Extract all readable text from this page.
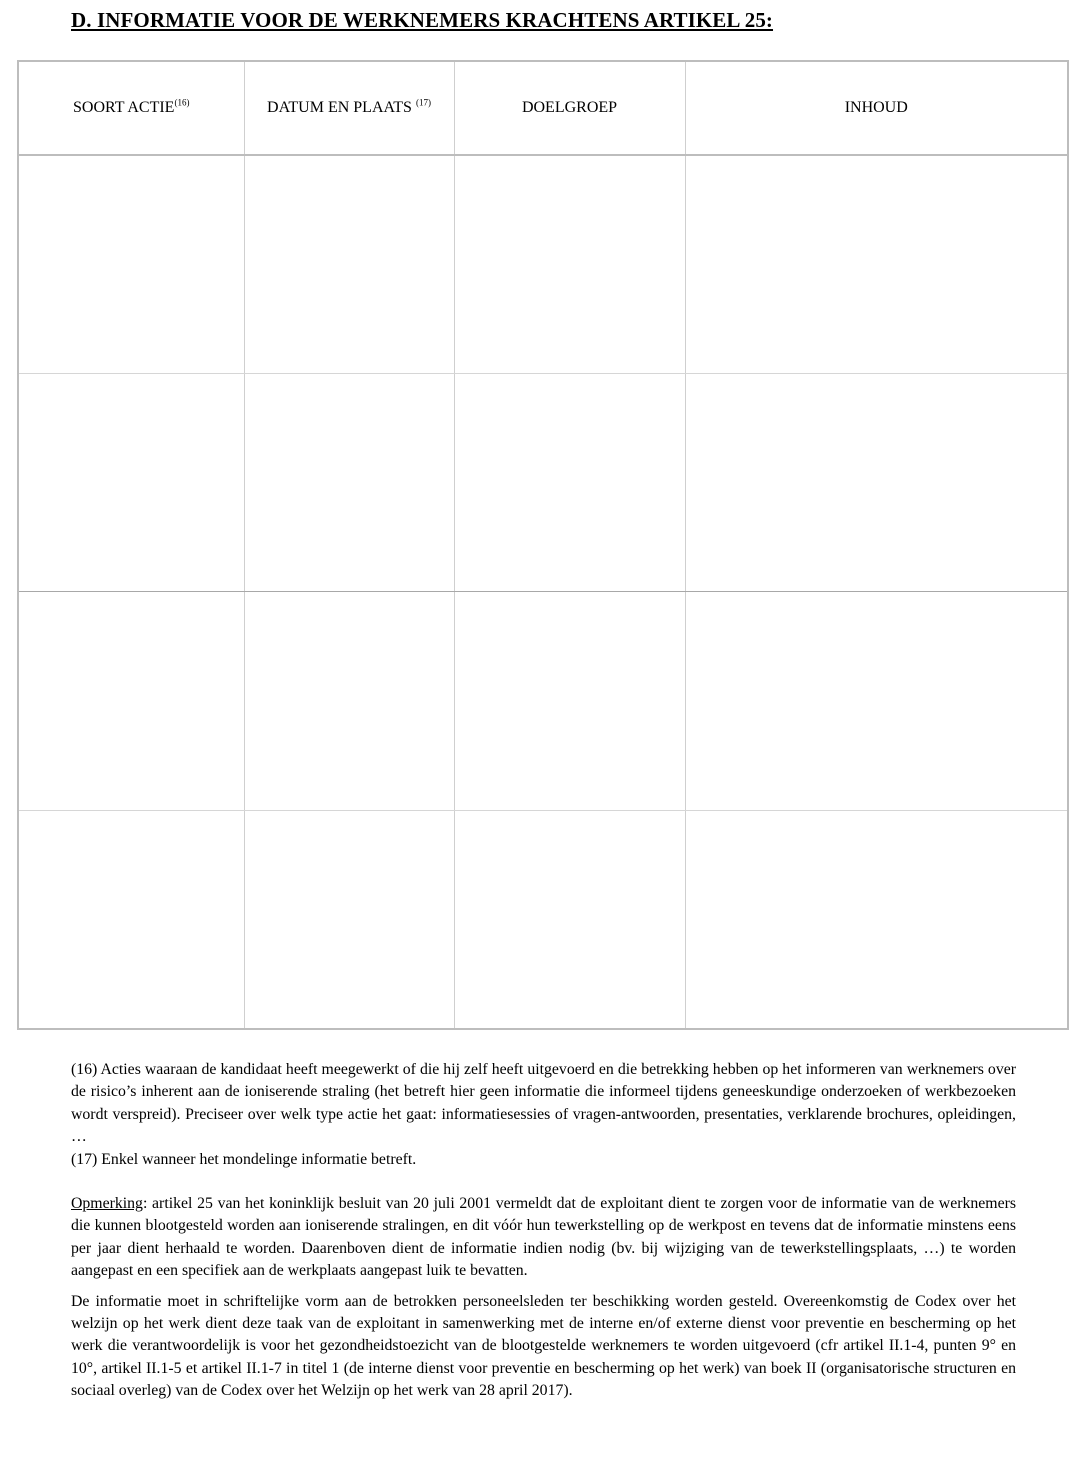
D. INFORMATIE VOOR DE WERKNEMERS KRACHTENS ARTIKEL 25:
SOORT ACTIE$^{(16)}$	DATUM EN PLAATS $^{(17)}$	DOELGROEP	INHOUD

(16) Acties waaraan de kandidaat heeft meegewerkt of die hij zelf heeft uitgevoerd en die betrekking hebben op het informeren van werknemers over de risico’s inherent aan de ioniserende straling (het betreft hier geen informatie die informeel tijdens geneeskundige onderzoeken of werkbezoeken wordt verspreid). Preciseer over welk type actie het gaat: informatiesessies of vragen-antwoorden, presentaties, verklarende brochures, opleidingen, …

(17) Enkel wanneer het mondelinge informatie betreft.

Opmerking: artikel 25 van het koninklijk besluit van 20 juli 2001 vermeldt dat de exploitant dient te zorgen voor de informatie van de werknemers die kunnen blootgesteld worden aan ioniserende stralingen, en dit vóór hun tewerkstelling op de werkpost en tevens dat de informatie minstens eens per jaar dient herhaald te worden. Daarenboven dient de informatie indien nodig (bv. bij wijziging van de tewerkstellingsplaats, …) te worden aangepast en een specifiek aan de werkplaats aangepast luik te bevatten.

De informatie moet in schriftelijke vorm aan de betrokken personeelsleden ter beschikking worden gesteld. Overeenkomstig de Codex over het welzijn op het werk dient deze taak van de exploitant in samenwerking met de interne en/of externe dienst voor preventie en bescherming op het werk die verantwoordelijk is voor het gezondheidstoezicht van de blootgestelde werknemers te worden uitgevoerd (cfr artikel II.1-4, punten 9° en 10°, artikel II.1-5 et artikel II.1-7 in titel 1 (de interne dienst voor preventie en bescherming op het werk) van boek II (organisatorische structuren en sociaal overleg) van de Codex over het Welzijn op het werk van 28 april 2017).
